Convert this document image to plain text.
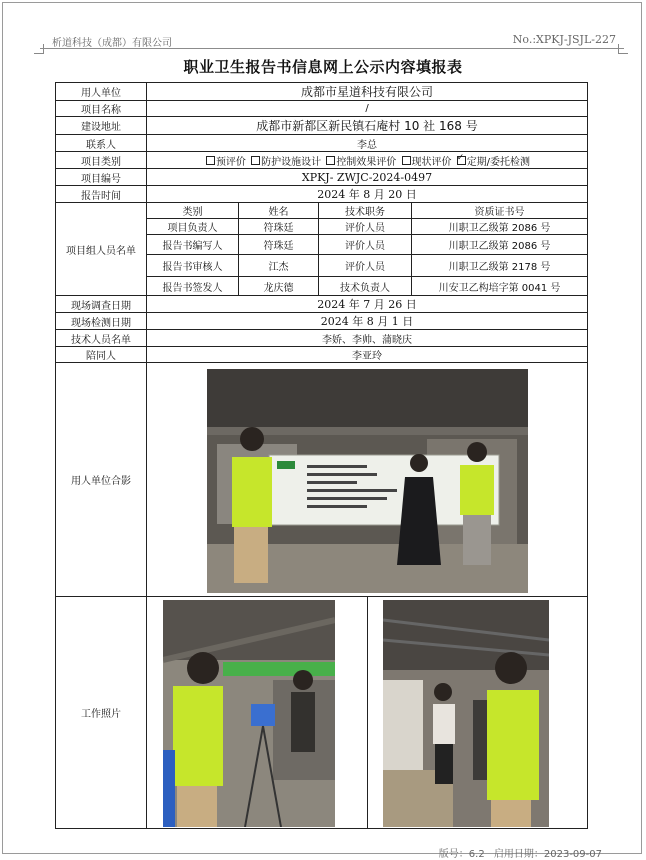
析道科技（成都）有限公司	No.:XPKJ-JSJL-227
职业卫生报告书信息网上公示内容填报表
用人单位	成都市星道科技有限公司			
项目名称	/			
建设地址	成都市新都区新民镇石庵村 10 社 168 号			
联系人	李总			
项目类别	预评价 防护设施设计 控制效果评价 现状评价 ✓ 定期/委托检测
项目编号	XPKJ- ZWJC-2024-0497			
报告时间	2024 年 8 月 20 日			
项目组人员名单	类别	姓名	技术职务	资质证书号
	项目负责人	符珠廷	评价人员	川职卫乙级第 2086 号
	报告书编写人	符珠廷	评价人员	川职卫乙级第 2086 号
	报告书审核人	江杰	评价人员	川职卫乙级第 2178 号
	报告书签发人	龙庆德	技术负责人	川安卫乙构培字第 0041 号
现场调查日期	2024 年 7 月 26 日			
现场检测日期	2024 年 8 月 1 日			
技术人员名单	李娇、李帅、蒲晓庆			
陪同人	李亚玲			
用人单位合影	

工作照片	
版号：6.2 启用日期：2023-09-07
